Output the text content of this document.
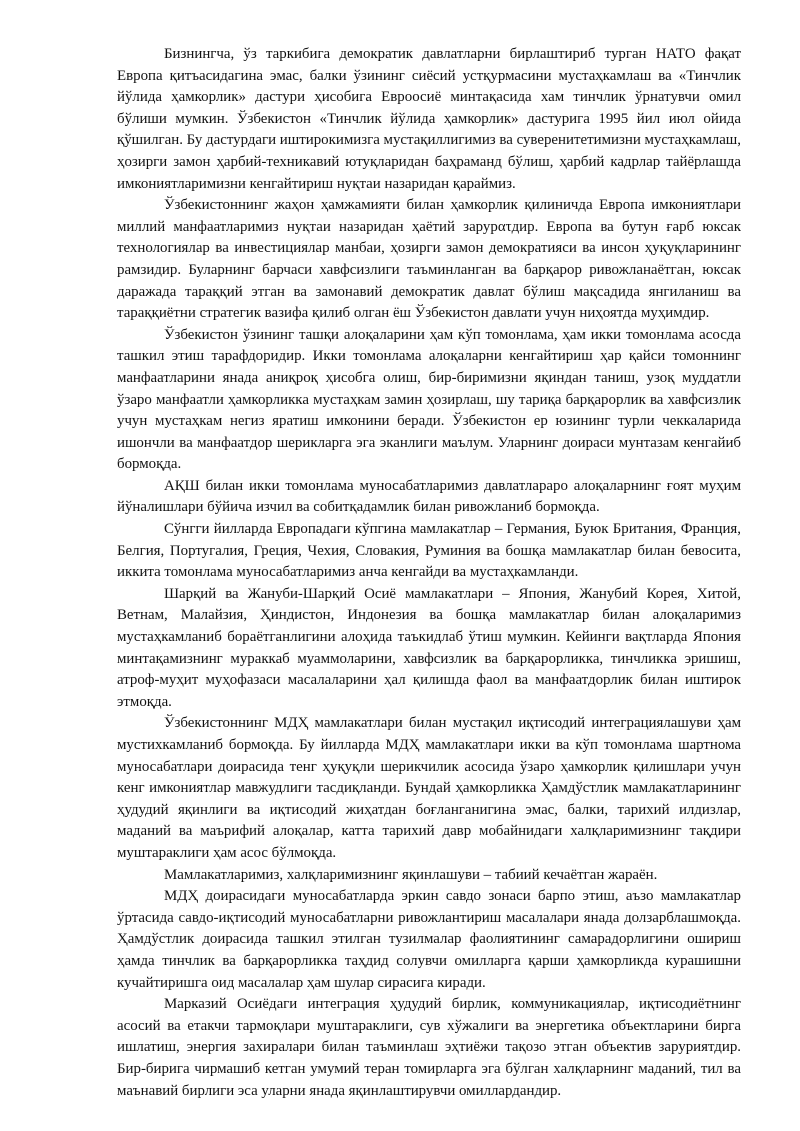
Бизнингча, ўз таркибига демократик давлатларни бирлаштириб турган НАТО фақат Европа қитъасидагина эмас, балки ўзининг сиёсий устқурмасини мустаҳкамлаш ва «Тинчлик йўлида ҳамкорлик» дастури ҳисобига Евроосиё минтақасида хам тинчлик ўрнатувчи омил бўлиши мумкин. Ўзбекистон «Тинчлик йўлида ҳамкорлик» дастурига 1995 йил июл ойида қўшилган. Бу дастурдаги иштирокимизга мустақиллигимиз ва суверенитетимизни мустаҳкамлаш, ҳозирги замон ҳарбий-техникавий ютуқларидан баҳраманд бўлиш, ҳарбий кадрлар тайёрлашда имкониятларимизни кенгайтириш нуқтаи назаридан қараймиз.

Ўзбекистоннинг жаҳон ҳамжамияти билан ҳамкорлик қилиничда Европа имкониятлари миллий манфаатларимиз нуқтаи назаридан ҳаётий зарурατдир. Европа ва бутун ғарб юксак технологиялар ва инвестициялар манбаи, ҳозирги замон демократияси ва инсон ҳуқуқларининг рамзидир. Буларнинг барчаси хавфсизлиги таъминланган ва барқарор ривожланаётган, юксак даражада тараққий этган ва замонавий демократик давлат бўлиш мақсадида янгиланиш ва тараққиётни стратегик вазифа қилиб олган ёш Ўзбекистон давлати учун ниҳоятда муҳимдир.

Ўзбекистон ўзининг ташқи алоқаларини ҳам кўп томонлама, ҳам икки томонлама асосда ташкил этиш тарафдоридир. Икки томонлама алоқаларни кенгайтириш ҳар қайси томоннинг манфаатларини янада аниқроқ ҳисобга олиш, бир-биримизни яқиндан таниш, узоқ муддатли ўзаро манфаатли ҳамкорликка мустаҳкам замин ҳозирлаш, шу тариқа барқарорлик ва хавфсизлик учун мустаҳкам негиз яратиш имконини беради. Ўзбекистон ер юзининг турли чеккаларида ишончли ва манфаатдор шерикларга эга эканлиги маълум. Уларнинг доираси мунтазам кенгайиб бормоқда.

АҚШ билан икки томонлама муносабатларимиз давлатлараро алоқаларнинг ғоят муҳим йўналишлари бўйича изчил ва собитқадамлик билан ривожланиб бормоқда.

Сўнгги йилларда Европадаги кўпгина мамлакатлар – Германия, Буюк Британия, Франция, Белгия, Португалия, Греция, Чехия, Словакия, Руминия ва бошқа мамлакатлар билан бевосита, иккита томонлама муносабатларимиз анча кенгайди ва мустаҳкамланди.

Шарқий ва Жануби-Шарқий Осиё мамлакатлари – Япония, Жанубий Корея, Хитой, Ветнам, Малайзия, Ҳиндистон, Индонезия ва бошқа мамлакатлар билан алоқаларимиз мустаҳкамланиб бораётганлигини алоҳида таъкидлаб ўтиш мумкин. Кейинги вақтларда Япония минтақамизнинг мураккаб муаммоларини, хавфсизлик ва барқарорликка, тинчликка эришиш, атроф-муҳит муҳофазаси масалаларини ҳал қилишда фаол ва манфаатдорлик билан иштирок этмоқда.

Ўзбекистоннинг МДҲ мамлакатлари билан мустақил иқтисодий интеграциялашуви ҳам мустихкамланиб бормоқда. Бу йилларда МДҲ мамлакатлари икки ва кўп томонлама шартнома муносабатлари доирасида тенг ҳуқуқли шерикчилик асосида ўзаро ҳамкорлик қилишлари учун кенг имкониятлар мавжудлиги тасдиқланди. Бундай ҳамкорликка Ҳамдўстлик мамлакатларининг ҳудудий яқинлиги ва иқтисодий жиҳатдан боғланганигина эмас, балки, тарихий илдизлар, маданий ва маърифий алоқалар, катта тарихий давр мобайнидаги халқларимизнинг тақдири муштараклиги ҳам асос бўлмоқда.

Мамлакатларимиз, халқларимизнинг яқинлашуви – табиий кечаётган жараён.

МДҲ доирасидаги муносабатларда эркин савдо зонаси барпо этиш, аъзо мамлакатлар ўртасида савдо-иқтисодий муносабатларни ривожлантириш масалалари янада долзарблашмоқда. Ҳамдўстлик доирасида ташкил этилган тузилмалар фаолиятининг самарадорлигини ошириш ҳамда тинчлик ва барқарорликка таҳдид солувчи омилларга қарши ҳамкорликда курашишни кучайтиришга оид масалалар ҳам шулар сирасига киради.

Марказий Осиёдаги интеграция ҳудудий бирлик, коммуникациялар, иқтисодиётнинг асосий ва етакчи тармоқлари муштараклиги, сув хўжалиги ва энергетика объектларини бирга ишлатиш, энергия захиралари билан таъминлаш эҳтиёжи тақозо этган объектив заруриятдир. Бир-бирига чирмашиб кетган умумий теран томирларга эга бўлган халқларнинг маданий, тил ва маънавий бирлиги эса уларни янада яқинлаштирувчи омиллардандир.
